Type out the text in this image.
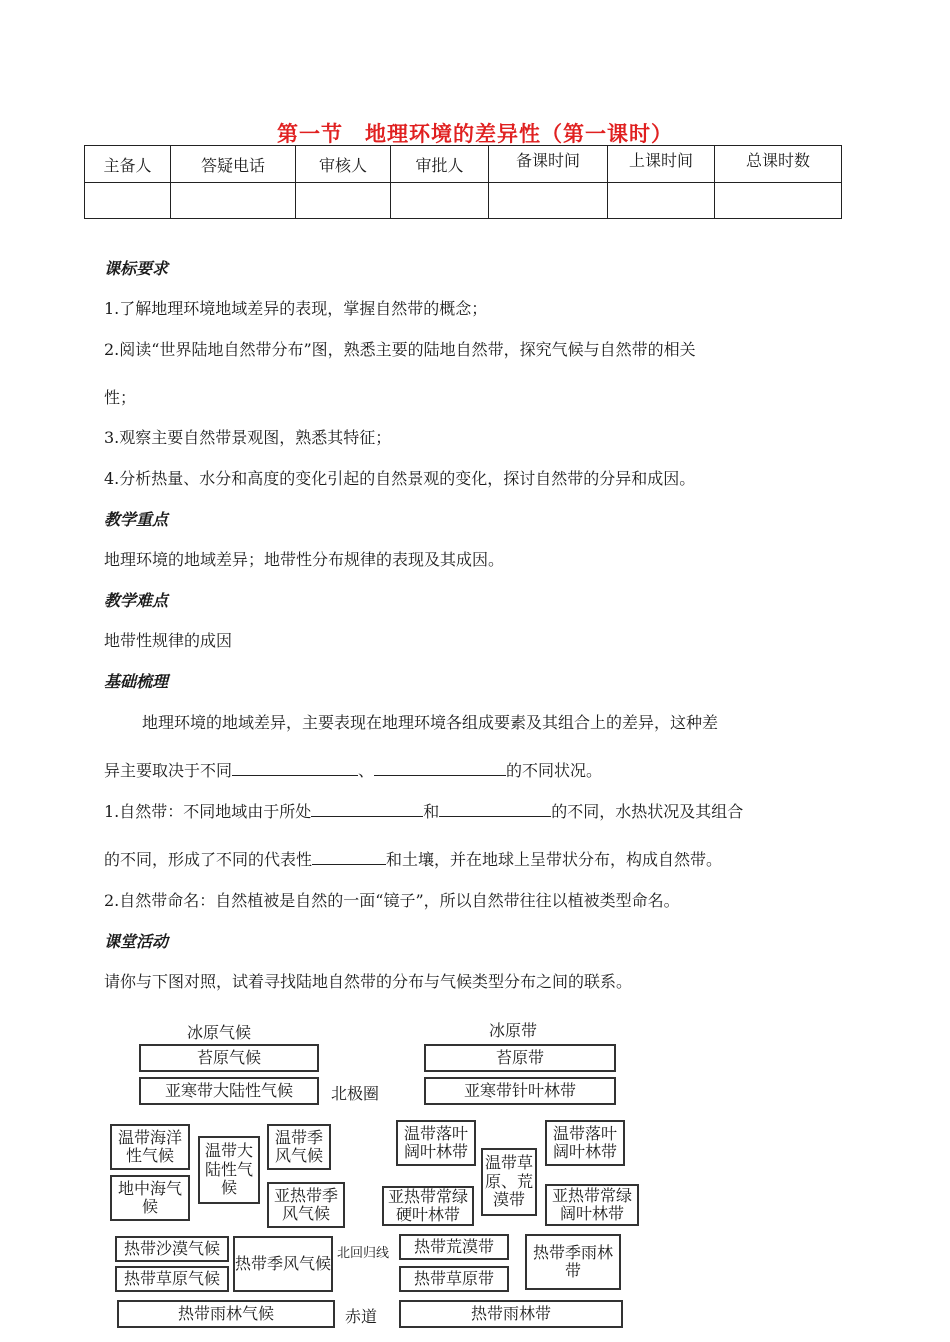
第一节　地理环境的差异性（第一课时）
主备人	答疑电话	审核人	审批人	备课时间	上课时间	总课时数

课标要求
1.了解地理环境地域差异的表现，掌握自然带的概念；
2.阅读“世界陆地自然带分布”图，熟悉主要的陆地自然带，探究气候与自然带的相关
性；
3.观察主要自然带景观图，熟悉其特征；
4.分析热量、水分和高度的变化引起的自然景观的变化，探讨自然带的分异和成因。
教学重点
地理环境的地域差异；地带性分布规律的表现及其成因。
教学难点
地带性规律的成因
基础梳理
地理环境的地域差异，主要表现在地理环境各组成要素及其组合上的差异，这种差
异主要取决于不同	、	的不同状况。
1.自然带：不同地域由于所处	和	的不同，水热状况及其组合
的不同，形成了不同的代表性	和土壤，并在地球上呈带状分布，构成自然带。
2.自然带命名：自然植被是自然的一面“镜子”，所以自然带往往以植被类型命名。
课堂活动
请你与下图对照，试着寻找陆地自然带的分布与气候类型分布之间的联系。
冰原气候	冰原带
苔原气候	苔原带
亚寒带大陆性气候	北极圈	亚寒带针叶林带
温带海洋性气候	温带大陆性气候
温带季风气候
地中海气候
亚热带季风气候
温带落叶阔叶林带
温带草原、荒漠带
温带落叶阔叶林带
亚热带常绿硬叶林带
亚热带常绿阔叶林带
热带沙漠气候
热带季风气候
北回归线	热带荒漠带	热带季雨林带
热带草原气候	热带草原带
热带雨林气候	赤道	热带雨林带
